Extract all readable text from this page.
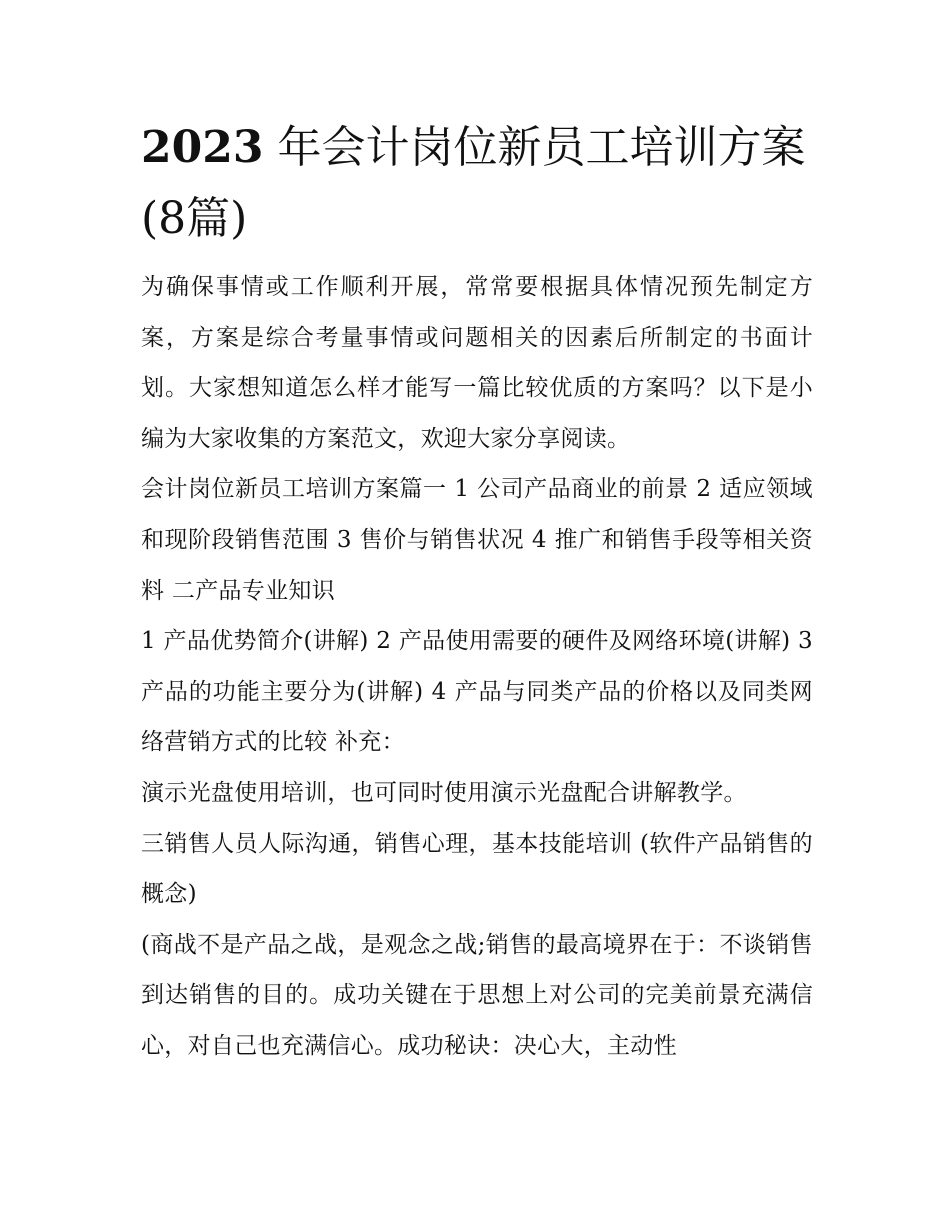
2023 年会计岗位新员工培训方案(8篇)

为确保事情或工作顺利开展，常常要根据具体情况预先制定方案，方案是综合考量事情或问题相关的因素后所制定的书面计划。大家想知道怎么样才能写一篇比较优质的方案吗？以下是小编为大家收集的方案范文，欢迎大家分享阅读。

会计岗位新员工培训方案篇一 1 公司产品商业的前景 2 适应领域和现阶段销售范围 3 售价与销售状况 4 推广和销售手段等相关资料 二产品专业知识

1 产品优势简介(讲解) 2 产品使用需要的硬件及网络环境(讲解) 3 产品的功能主要分为(讲解) 4 产品与同类产品的价格以及同类网络营销方式的比较 补充：

演示光盘使用培训，也可同时使用演示光盘配合讲解教学。

三销售人员人际沟通，销售心理，基本技能培训 (软件产品销售的概念)

(商战不是产品之战，是观念之战;销售的最高境界在于：不谈销售到达销售的目的。成功关键在于思想上对公司的完美前景充满信心，对自己也充满信心。成功秘诀：决心大，主动性
